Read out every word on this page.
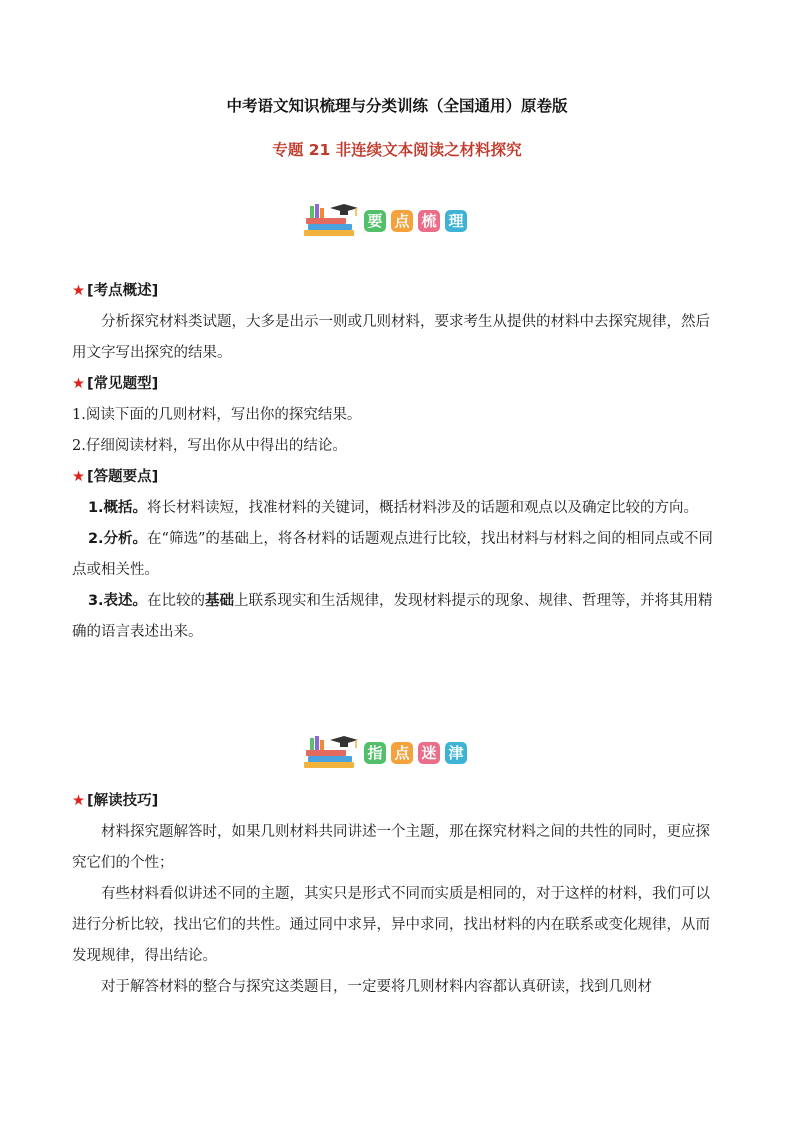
中考语文知识梳理与分类训练（全国通用）原卷版
专题 21 非连续文本阅读之材料探究
要 点 梳 理
★ [考点概述]

分析探究材料类试题，大多是出示一则或几则材料，要求考生从提供的材料中去探究规律，然后用文字写出探究的结果。

★ [常见题型]

1.阅读下面的几则材料，写出你的探究结果。

2.仔细阅读材料，写出你从中得出的结论。

★ [答题要点]

1.概括。将长材料读短，找准材料的关键词，概括材料涉及的话题和观点以及确定比较的方向。

2.分析。在“筛选”的基础上，将各材料的话题观点进行比较，找出材料与材料之间的相同点或不同点或相关性。

3.表述。在比较的基础上联系现实和生活规律，发现材料提示的现象、规律、哲理等，并将其用精确的语言表述出来。

指 点 迷 津
★ [解读技巧]

材料探究题解答时，如果几则材料共同讲述一个主题，那在探究材料之间的共性的同时，更应探究它们的个性；

有些材料看似讲述不同的主题，其实只是形式不同而实质是相同的，对于这样的材料，我们可以进行分析比较，找出它们的共性。通过同中求异，异中求同，找出材料的内在联系或变化规律，从而发现规律，得出结论。

对于解答材料的整合与探究这类题目，一定要将几则材料内容都认真研读，找到几则材
